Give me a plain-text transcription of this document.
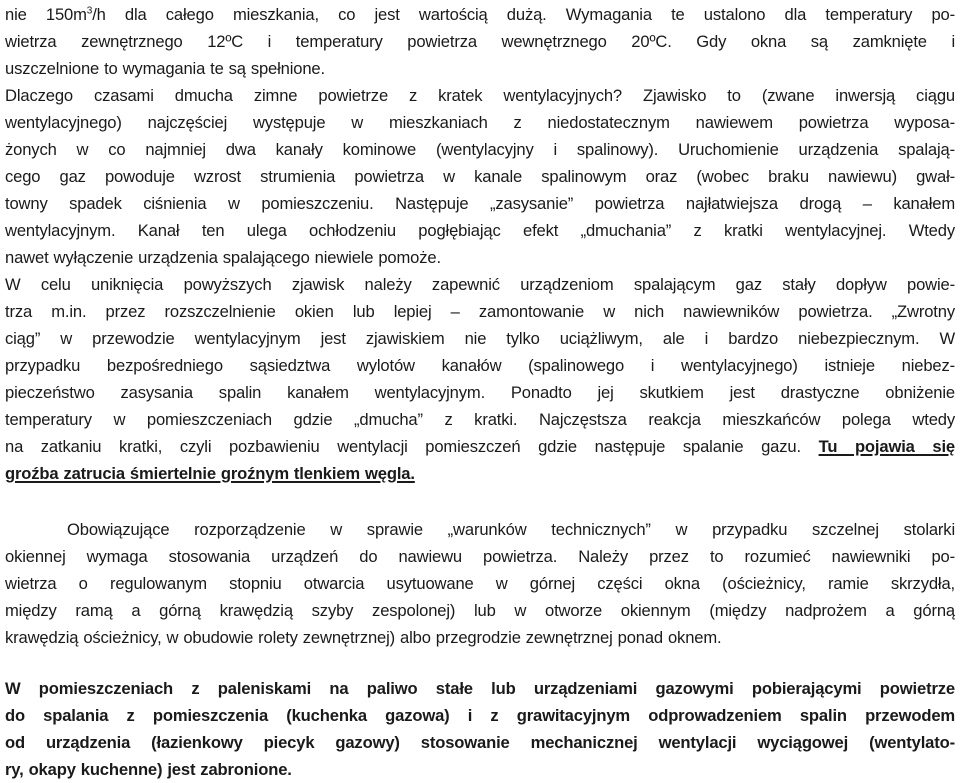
nie $150m^3/h$ dla całego mieszkania, co jest wartością dużą. Wymagania te ustalono dla temperatury po-
wietrza zewnętrznego 12ºC i temperatury powietrza wewnętrznego 20ºC. Gdy okna są zamknięte i
uszczelnione to wymagania te są spełnione.
Dlaczego czasami dmucha zimne powietrze z kratek wentylacyjnych? Zjawisko to (zwane inwersją ciągu
wentylacyjnego) najczęściej występuje w mieszkaniach z niedostatecznym nawiewem powietrza wyposa-
żonych w co najmniej dwa kanały kominowe (wentylacyjny i spalinowy). Uruchomienie urządzenia spalają-
cego gaz powoduje wzrost strumienia powietrza w kanale spalinowym oraz (wobec braku nawiewu) gwał-
towny spadek ciśnienia w pomieszczeniu. Następuje „zasysanie” powietrza najłatwiejsza drogą – kanałem
wentylacyjnym. Kanał ten ulega ochłodzeniu pogłębiając efekt „dmuchania” z kratki wentylacyjnej. Wtedy
nawet wyłączenie urządzenia spalającego niewiele pomoże.
W celu uniknięcia powyższych zjawisk należy zapewnić urządzeniom spalającym gaz stały dopływ powie-
trza m.in. przez rozszczelnienie okien lub lepiej – zamontowanie w nich nawiewników powietrza. „Zwrotny
ciąg” w przewodzie wentylacyjnym jest zjawiskiem nie tylko uciążliwym, ale i bardzo niebezpiecznym. W
przypadku bezpośredniego sąsiedztwa wylotów kanałów (spalinowego i wentylacyjnego) istnieje niebez-
pieczeństwo zasysania spalin kanałem wentylacyjnym. Ponadto jej skutkiem jest drastyczne obniżenie
temperatury w pomieszczeniach gdzie „dmucha” z kratki. Najczęstsza reakcja mieszkańców polega wtedy
na zatkaniu kratki, czyli pozbawieniu wentylacji pomieszczeń gdzie następuje spalanie gazu. Tu pojawia się
groźba zatrucia śmiertelnie groźnym tlenkiem węgla.
Obowiązujące rozporządzenie w sprawie „warunków technicznych” w przypadku szczelnej stolarki
okiennej wymaga stosowania urządzeń do nawiewu powietrza. Należy przez to rozumieć nawiewniki po-
wietrza o regulowanym stopniu otwarcia usytuowane w górnej części okna (ościeżnicy, ramie skrzydła,
między ramą a górną krawędzią szyby zespolonej) lub w otworze okiennym (między nadprożem a górną
krawędzią ościeżnicy, w obudowie rolety zewnętrznej) albo przegrodzie zewnętrznej ponad oknem.
W pomieszczeniach z paleniskami na paliwo stałe lub urządzeniami gazowymi pobierającymi powietrze
do spalania z pomieszczenia (kuchenka gazowa) i z grawitacyjnym odprowadzeniem spalin przewodem
od urządzenia (łazienkowy piecyk gazowy) stosowanie mechanicznej wentylacji wyciągowej (wentylato-
ry, okapy kuchenne) jest zabronione.
